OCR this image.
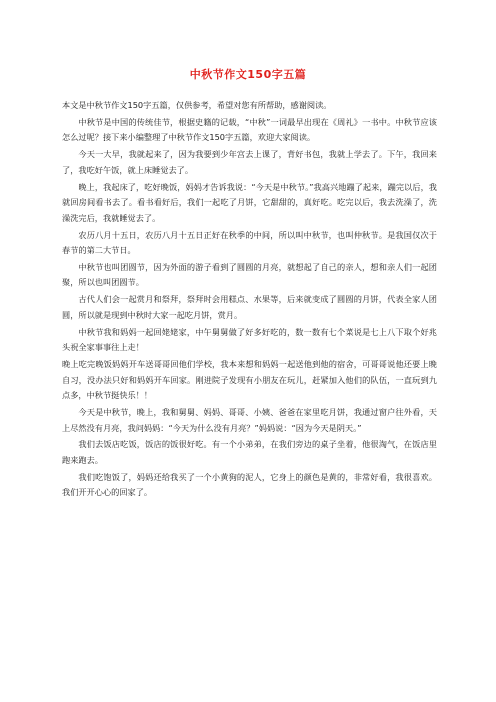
中秋节作文150字五篇

本文是中秋节作文150字五篇，仅供参考，希望对您有所帮助，感谢阅读。

中秋节是中国的传统佳节，根据史籍的记载，“中秋”一词最早出现在《周礼》一书中。中秋节应该怎么过呢？接下来小编整理了中秋节作文150字五篇，欢迎大家阅读。

今天一大早，我就起来了，因为我要到少年宫去上课了，背好书包，我就上学去了。下午，我回来了，我吃好午饭，就上床睡觉去了。

晚上，我起床了，吃好晚饭，妈妈才告诉我说：“今天是中秋节。”我高兴地蹦了起来，蹦完以后，我就回房间看书去了。看书看好后，我们一起吃了月饼，它甜甜的，真好吃。吃完以后，我去洗澡了，洗澡洗完后，我就睡觉去了。

农历八月十五日，农历八月十五日正好在秋季的中间，所以叫中秋节，也叫仲秋节。是我国仅次于春节的第二大节日。

中秋节也叫团圆节，因为外面的游子看到了圆圆的月亮，就想起了自己的亲人，想和亲人们一起团聚，所以也叫团圆节。

古代人们会一起赏月和祭拜，祭拜时会用糕点、水果等，后来就变成了圆圆的月饼，代表全家人团圆，所以就是现到中秋时大家一起吃月饼，赏月。

中秋节我和妈妈一起回姥姥家，中午舅舅做了好多好吃的，数一数有七个菜说是七上八下取个好兆头祝全家事事往上走！

晚上吃完晚饭妈妈开车送哥哥回他们学校，我本来想和妈妈一起送他到他的宿舍，可哥哥说他还要上晚自习，没办法只好和妈妈开车回家。刚进院子发现有小朋友在玩儿，赶紧加入他们的队伍，一直玩到九点多，中秋节挺快乐！！

今天是中秋节，晚上，我和舅舅、妈妈、哥哥、小姨、爸爸在家里吃月饼，我通过窗户往外看，天上尽然没有月亮，我问妈妈：“今天为什么没有月亮？”妈妈说：“因为今天是阴天。”

我们去饭店吃饭，饭店的饭很好吃。有一个小弟弟，在我们旁边的桌子坐着，他很淘气，在饭店里跑来跑去。

我们吃饱饭了，妈妈还给我买了一个小黄狗的泥人，它身上的颜色是黄的，非常好看，我很喜欢。我们开开心心的回家了。
